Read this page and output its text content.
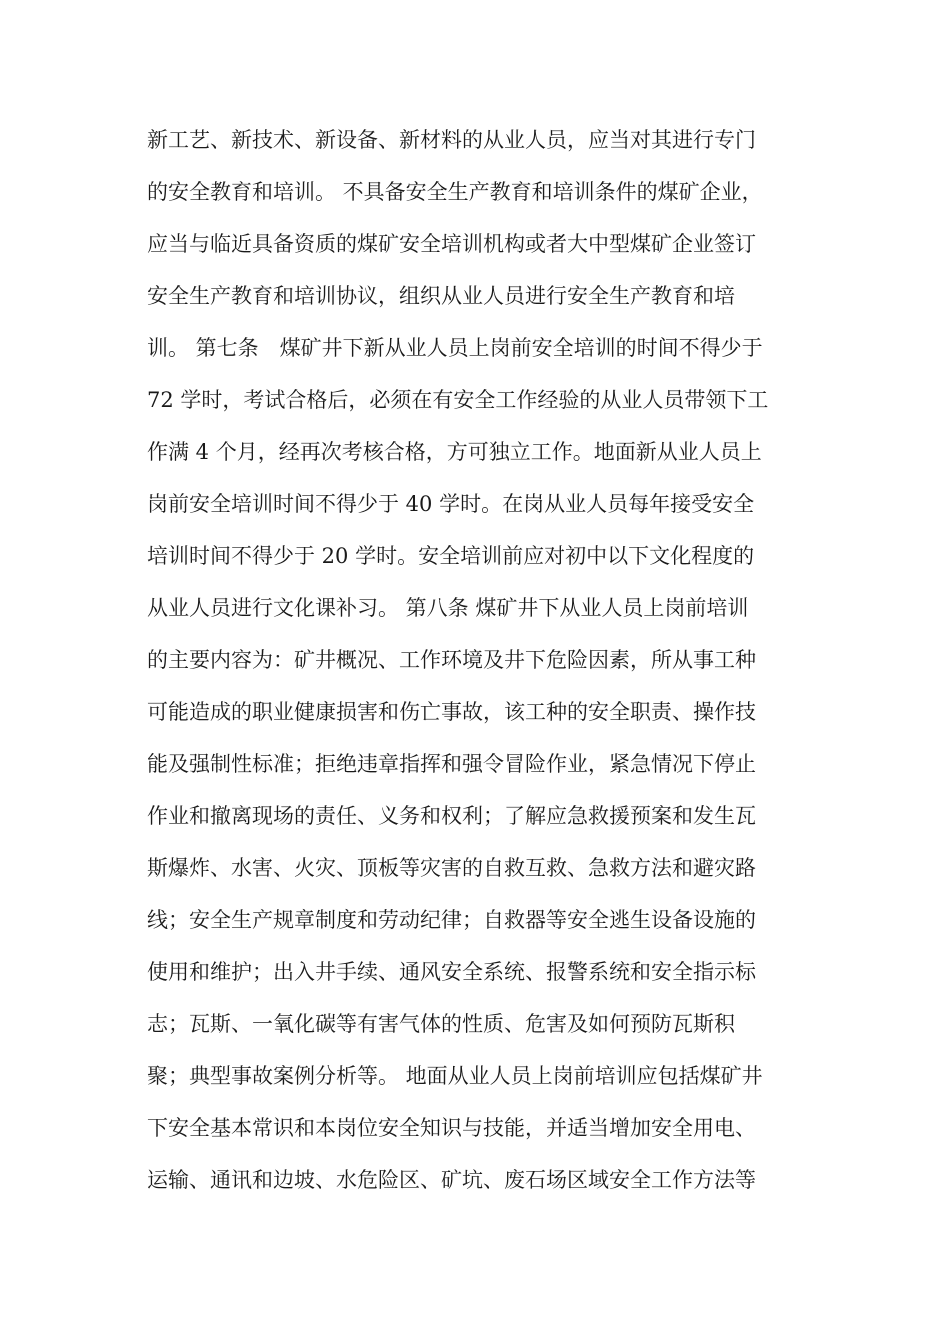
新工艺、新技术、新设备、新材料的从业人员，应当对其进行专门
的安全教育和培训。 不具备安全生产教育和培训条件的煤矿企业，
应当与临近具备资质的煤矿安全培训机构或者大中型煤矿企业签订
安全生产教育和培训协议，组织从业人员进行安全生产教育和培
训。 第七条　煤矿井下新从业人员上岗前安全培训的时间不得少于
72 学时，考试合格后，必须在有安全工作经验的从业人员带领下工
作满 4 个月，经再次考核合格，方可独立工作。地面新从业人员上
岗前安全培训时间不得少于 40 学时。在岗从业人员每年接受安全
培训时间不得少于 20 学时。安全培训前应对初中以下文化程度的
从业人员进行文化课补习。 第八条 煤矿井下从业人员上岗前培训
的主要内容为：矿井概况、工作环境及井下危险因素，所从事工种
可能造成的职业健康损害和伤亡事故，该工种的安全职责、操作技
能及强制性标准；拒绝违章指挥和强令冒险作业，紧急情况下停止
作业和撤离现场的责任、义务和权利；了解应急救援预案和发生瓦
斯爆炸、水害、火灾、顶板等灾害的自救互救、急救方法和避灾路
线；安全生产规章制度和劳动纪律；自救器等安全逃生设备设施的
使用和维护；出入井手续、通风安全系统、报警系统和安全指示标
志；瓦斯、一氧化碳等有害气体的性质、危害及如何预防瓦斯积
聚；典型事故案例分析等。 地面从业人员上岗前培训应包括煤矿井
下安全基本常识和本岗位安全知识与技能，并适当增加安全用电、
运输、通讯和边坡、水危险区、矿坑、废石场区域安全工作方法等
